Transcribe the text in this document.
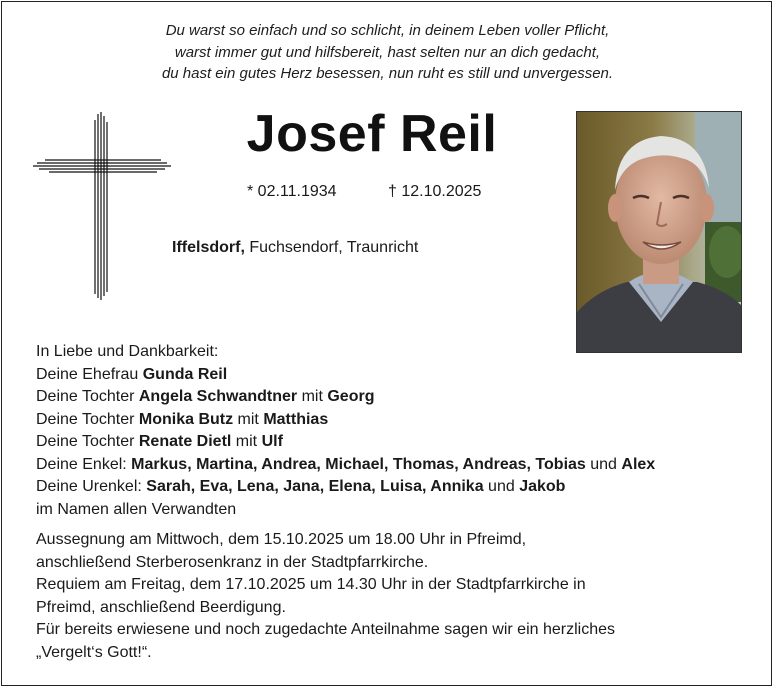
Du warst so einfach und so schlicht, in deinem Leben voller Pflicht,
warst immer gut und hilfsbereit, hast selten nur an dich gedacht,
du hast ein gutes Herz besessen, nun ruht es still und unvergessen.
Josef Reil
* 02.11.1934	† 12.10.2025
Iffelsdorf, Fuchsendorf, Traunricht
In Liebe und Dankbarkeit:
Deine Ehefrau Gunda Reil
Deine Tochter Angela Schwandtner mit Georg
Deine Tochter Monika Butz mit Matthias
Deine Tochter Renate Dietl mit Ulf
Deine Enkel: Markus, Martina, Andrea, Michael, Thomas, Andreas, Tobias und Alex
Deine Urenkel: Sarah, Eva, Lena, Jana, Elena, Luisa, Annika und Jakob
im Namen allen Verwandten
Aussegnung am Mittwoch, dem 15.10.2025 um 18.00 Uhr in Pfreimd,
anschließend Sterberosenkranz in der Stadtpfarrkirche.
Requiem am Freitag, dem 17.10.2025 um 14.30 Uhr in der Stadtpfarrkirche in
Pfreimd, anschließend Beerdigung.
Für bereits erwiesene und noch zugedachte Anteilnahme sagen wir ein herzliches
„Vergelt‘s Gott!“.
